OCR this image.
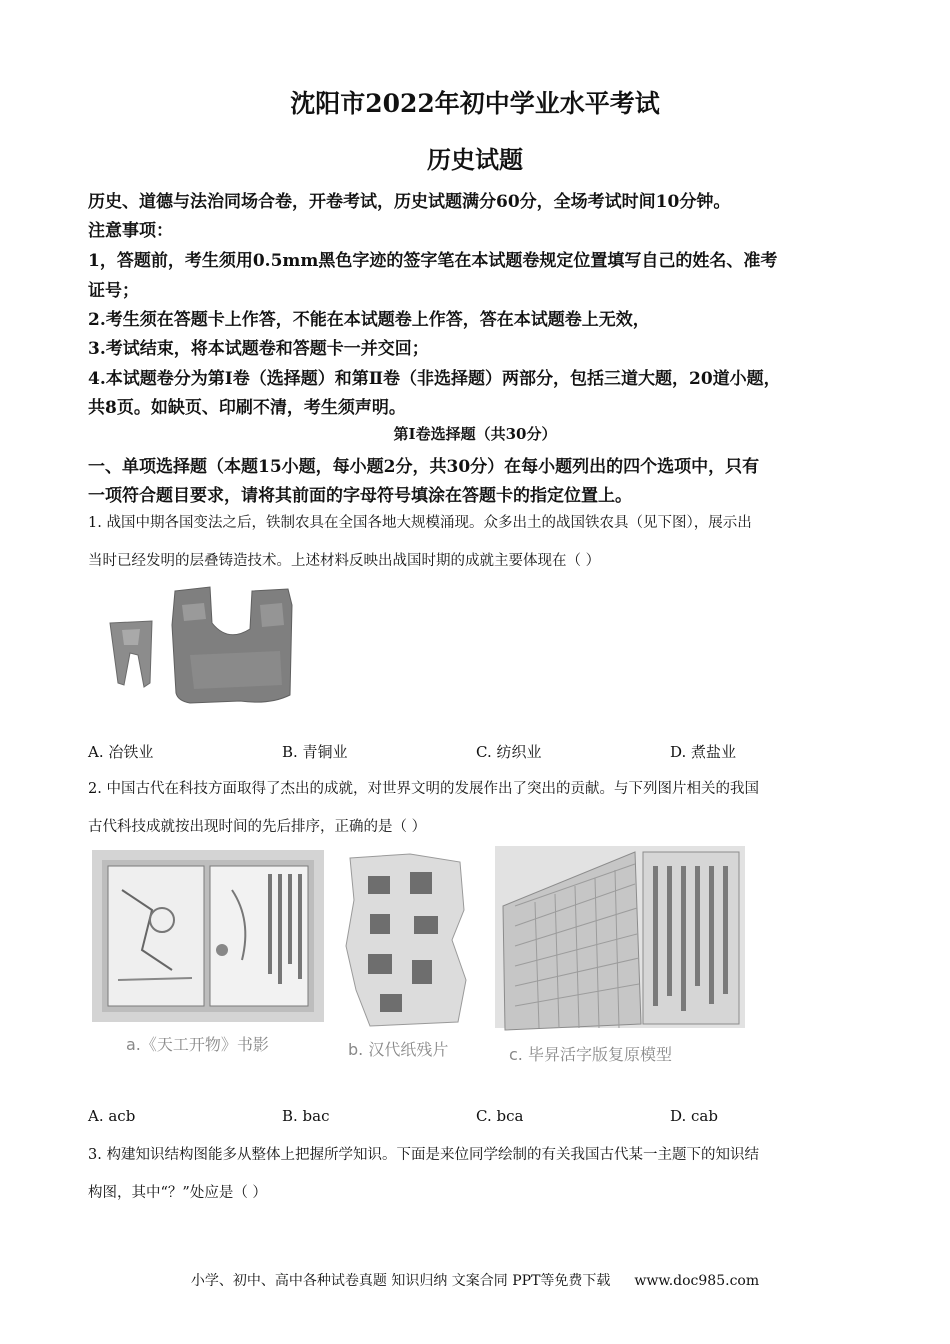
沈阳市2022年初中学业水平考试
历史试题
历史、道德与法治同场合卷，开卷考试，历史试题满分60分，全场考试时间10分钟。
注意事项：
1，答题前，考生须用0.5mm黑色字迹的签字笔在本试题卷规定位置填写自己的姓名、准考
证号；
2.考生须在答题卡上作答，不能在本试题卷上作答，答在本试题卷上无效，
3.考试结束，将本试题卷和答题卡一并交回；
4.本试题卷分为第Ⅰ卷（选择题）和第Ⅱ卷（非选择题）两部分，包括三道大题，20道小题，
共8页。如缺页、印刷不清，考生须声明。
第Ⅰ卷选择题（共30分）
一、单项选择题（本题15小题，每小题2分，共30分）在每小题列出的四个选项中，只有
一项符合题目要求，请将其前面的字母符号填涂在答题卡的指定位置上。
1. 战国中期各国变法之后，铁制农具在全国各地大规模涌现。众多出土的战国铁农具（见下图），展示出
当时已经发明的层叠铸造技术。上述材料反映出战国时期的成就主要体现在（ ）
A. 冶铁业	B. 青铜业	C. 纺织业	D. 煮盐业
2. 中国古代在科技方面取得了杰出的成就，对世界文明的发展作出了突出的贡献。与下列图片相关的我国
古代科技成就按出现时间的先后排序，正确的是（ ）
a.《天工开物》书影	b. 汉代纸残片	c. 毕昇活字版复原模型
A. acb	B. bac	C. bca	D. cab
3. 构建知识结构图能多从整体上把握所学知识。下面是来位同学绘制的有关我国古代某一主题下的知识结
构图，其中“？”处应是（ ）
小学、初中、高中各种试卷真题 知识归纳 文案合同 PPT等免费下载 www.doc985.com
